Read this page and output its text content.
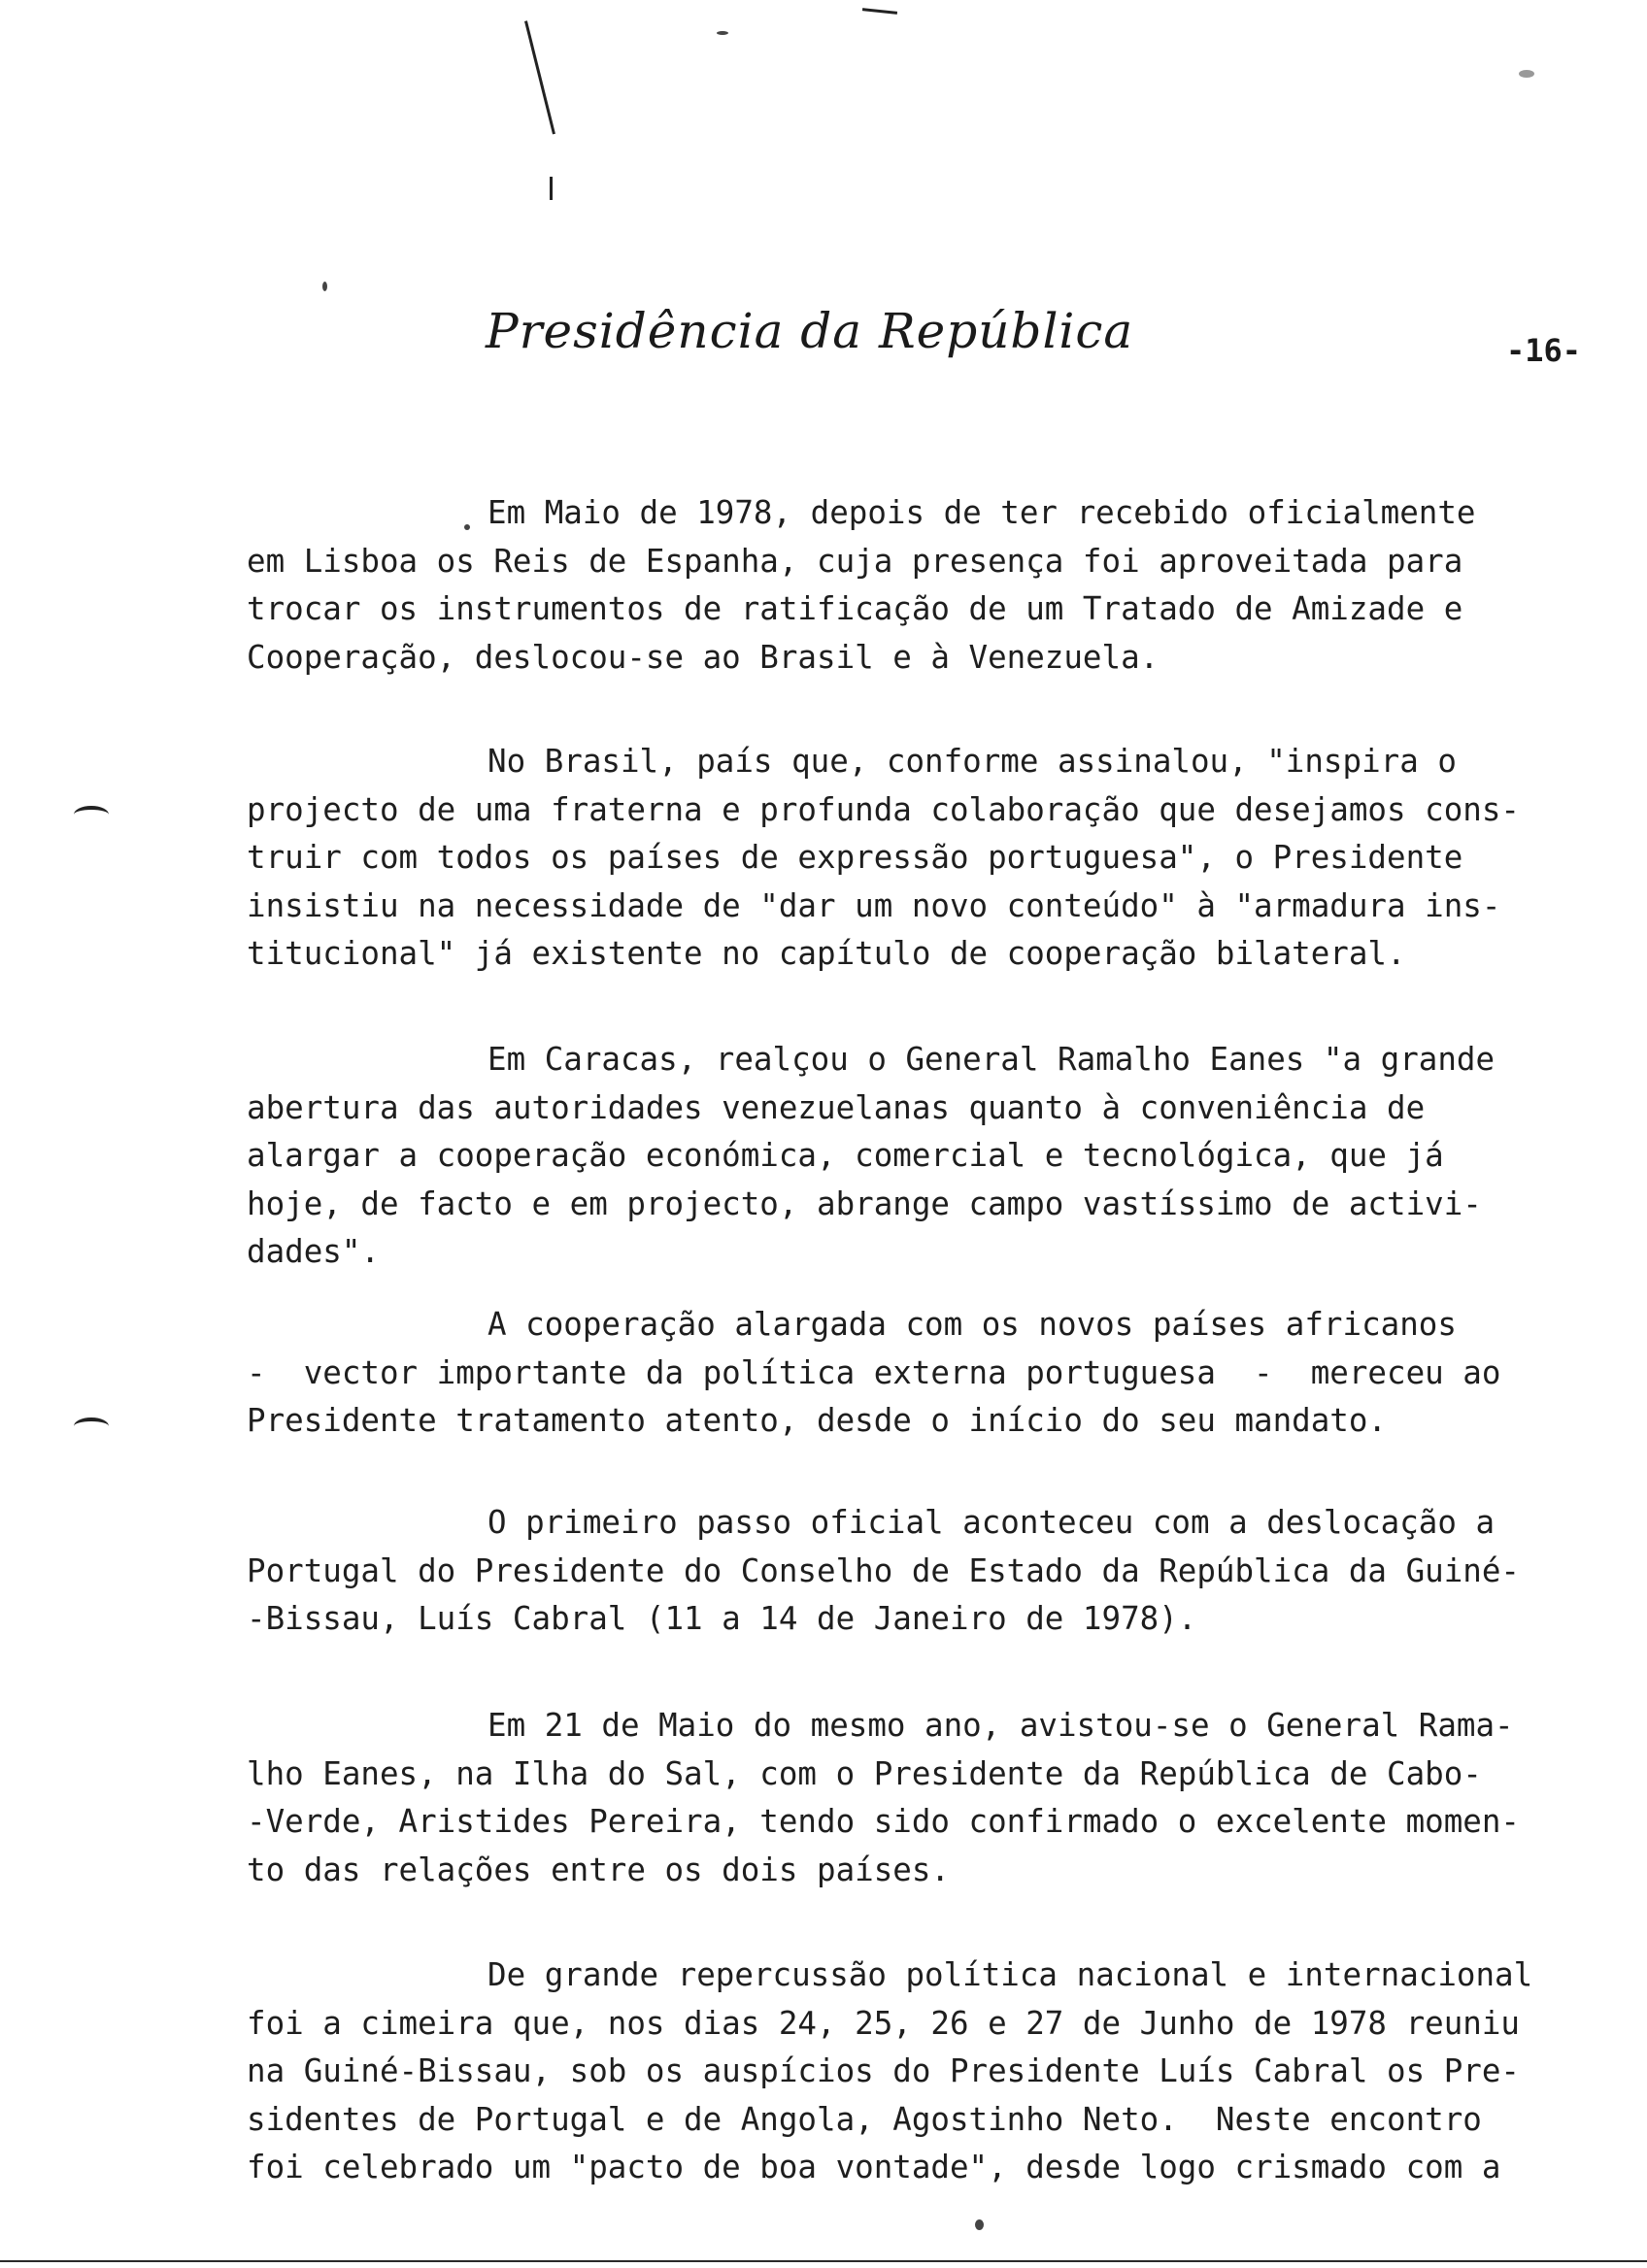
Presidência da República	-16-
Em Maio de 1978, depois de ter recebido oficialmente
em Lisboa os Reis de Espanha, cuja presença foi aproveitada para
trocar os instrumentos de ratificação de um Tratado de Amizade e
Cooperação, deslocou-se ao Brasil e à Venezuela.
No Brasil, país que, conforme assinalou, "inspira o
projecto de uma fraterna e profunda colaboração que desejamos cons-
truir com todos os países de expressão portuguesa", o Presidente
insistiu na necessidade de "dar um novo conteúdo" à "armadura ins-
titucional" já existente no capítulo de cooperação bilateral.
Em Caracas, realçou o General Ramalho Eanes "a grande
abertura das autoridades venezuelanas quanto à conveniência de
alargar a cooperação económica, comercial e tecnológica, que já
hoje, de facto e em projecto, abrange campo vastíssimo de activi-
dades".
A cooperação alargada com os novos países africanos
-  vector importante da política externa portuguesa  -  mereceu ao
Presidente tratamento atento, desde o início do seu mandato.
O primeiro passo oficial aconteceu com a deslocação a
Portugal do Presidente do Conselho de Estado da República da Guiné-
-Bissau, Luís Cabral (11 a 14 de Janeiro de 1978).
Em 21 de Maio do mesmo ano, avistou-se o General Rama-
lho Eanes, na Ilha do Sal, com o Presidente da República de Cabo-
-Verde, Aristides Pereira, tendo sido confirmado o excelente momen-
to das relações entre os dois países.
De grande repercussão política nacional e internacional
foi a cimeira que, nos dias 24, 25, 26 e 27 de Junho de 1978 reuniu
na Guiné-Bissau, sob os auspícios do Presidente Luís Cabral os Pre-
sidentes de Portugal e de Angola, Agostinho Neto.  Neste encontro
foi celebrado um "pacto de boa vontade", desde logo crismado com a
